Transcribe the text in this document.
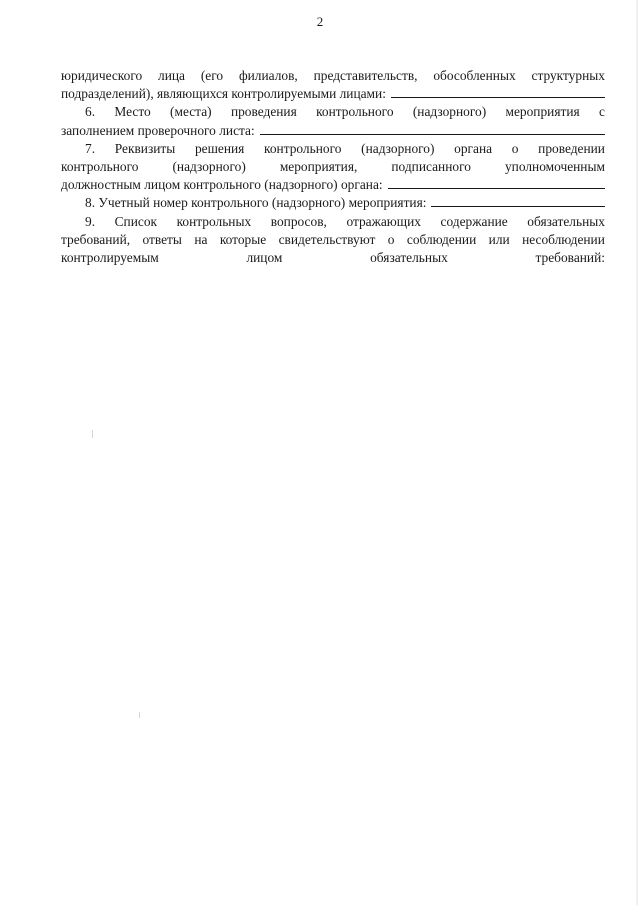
2
юридического лица (его филиалов, представительств, обособленных структурных
подразделений), являющихся контролируемыми лицами:
6. Место (места) проведения контрольного (надзорного) мероприятия с
заполнением проверочного листа:
7. Реквизиты решения контрольного (надзорного) органа о проведении
контрольного	(надзорного)	мероприятия,	подписанного	уполномоченным
должностным лицом контрольного (надзорного) органа:
8. Учетный номер контрольного (надзорного) мероприятия:
9. Список контрольных вопросов, отражающих содержание обязательных
требований, ответы на которые свидетельствуют о соблюдении или несоблюдении
контролируемым	лицом	обязательных	требований:
